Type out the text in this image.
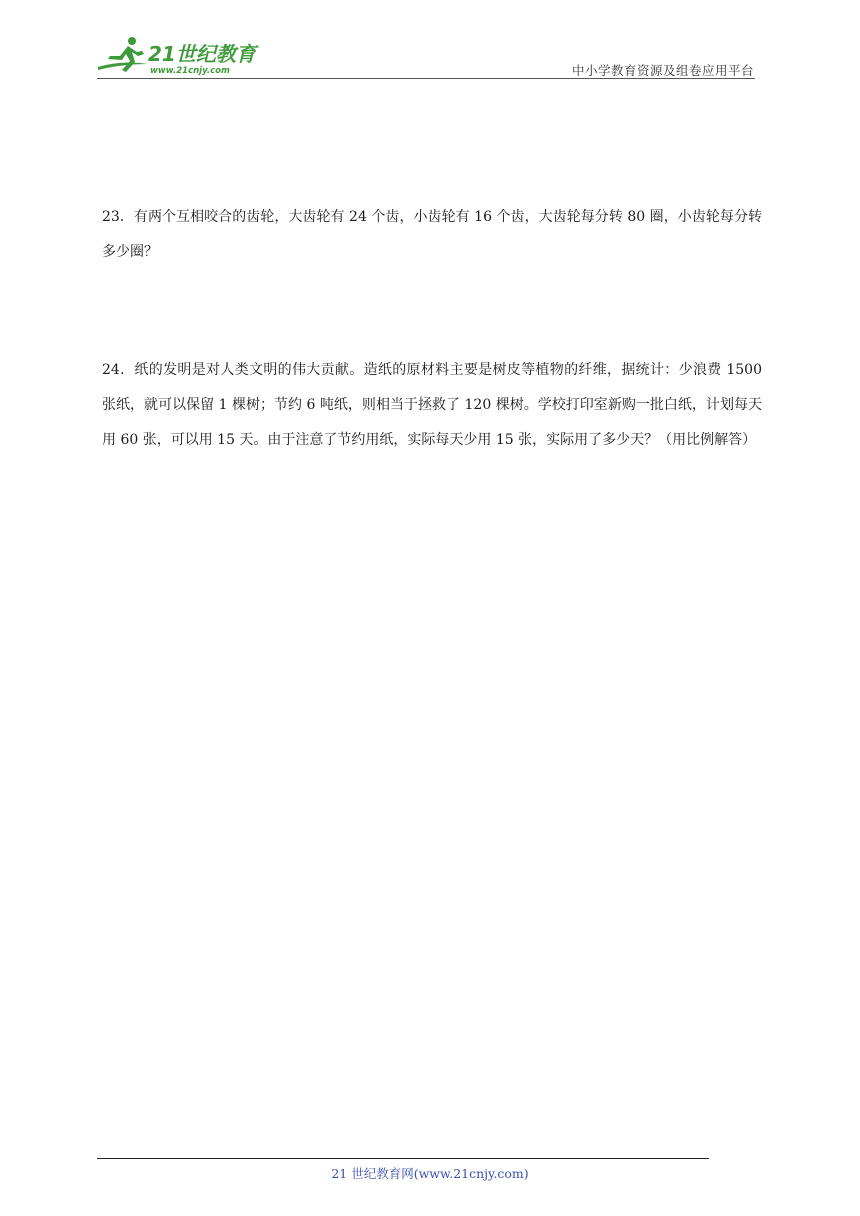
21世纪教育
www.21cnjy.com	中小学教育资源及组卷应用平台
23．有两个互相咬合的齿轮，大齿轮有 24 个齿，小齿轮有 16 个齿，大齿轮每分转 80 圈，小齿轮每分转多少圈？
24．纸的发明是对人类文明的伟大贡献。造纸的原材料主要是树皮等植物的纤维，据统计：少浪费 1500 张纸，就可以保留 1 棵树；节约 6 吨纸，则相当于拯救了 120 棵树。学校打印室新购一批白纸，计划每天用 60 张，可以用 15 天。由于注意了节约用纸，实际每天少用 15 张，实际用了多少天？（用比例解答）
21 世纪教育网(www.21cnjy.com)
